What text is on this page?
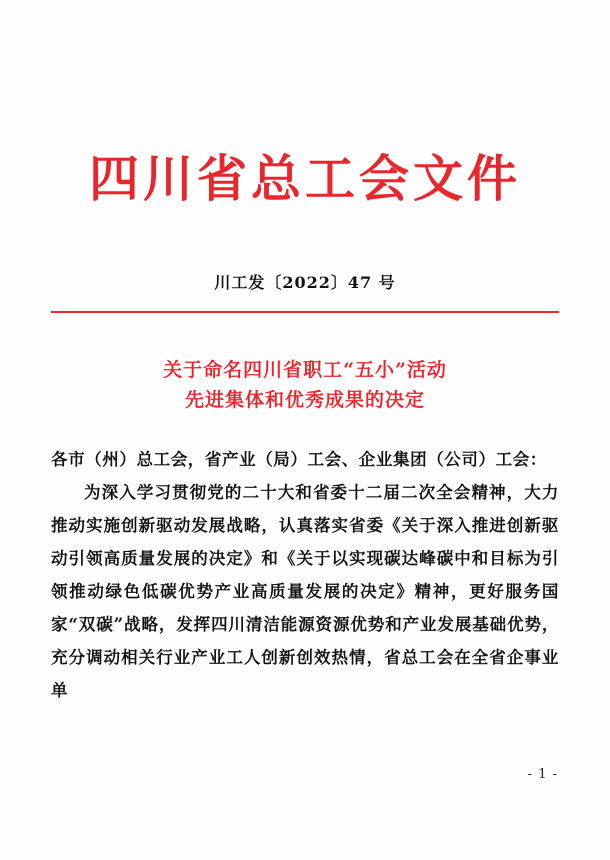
四川省总工会文件
川工发〔2022〕47 号
关于命名四川省职工“五小”活动
先进集体和优秀成果的决定

各市（州）总工会，省产业（局）工会、企业集团（公司）工会：

为深入学习贯彻党的二十大和省委十二届二次全会精神，大力推动实施创新驱动发展战略，认真落实省委《关于深入推进创新驱动引领高质量发展的决定》和《关于以实现碳达峰碳中和目标为引领推动绿色低碳优势产业高质量发展的决定》精神，更好服务国家“双碳”战略，发挥四川清洁能源资源优势和产业发展基础优势，充分调动相关行业产业工人创新创效热情，省总工会在全省企事业单

- 1 -
